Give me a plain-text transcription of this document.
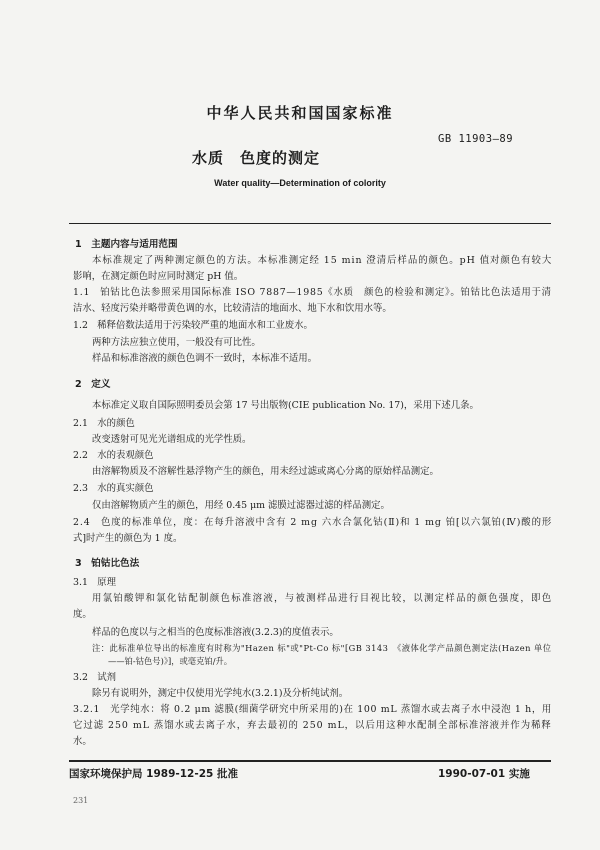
中华人民共和国国家标准
GB 11903—89
水质　色度的测定
Water quality—Determination of colority
1　主题内容与适用范围
本标准规定了两种测定颜色的方法。本标准测定经 15 min 澄清后样品的颜色。pH 值对颜色有较大
影响，在测定颜色时应同时测定 pH 值。
1.1　铂钴比色法参照采用国际标准 ISO 7887—1985《水质　颜色的检验和测定》。铂钴比色法适用于清
洁水、轻度污染并略带黄色调的水，比较清洁的地面水、地下水和饮用水等。
1.2　稀释倍数法适用于污染较严重的地面水和工业废水。
两种方法应独立使用，一般没有可比性。
样品和标准溶液的颜色色调不一致时，本标准不适用。
2　定义
本标准定义取自国际照明委员会第 17 号出版物(CIE publication No. 17)，采用下述几条。
2.1　水的颜色
改变透射可见光光谱组成的光学性质。
2.2　水的表观颜色
由溶解物质及不溶解性悬浮物产生的颜色，用未经过滤或离心分离的原始样品测定。
2.3　水的真实颜色
仅由溶解物质产生的颜色，用经 0.45 μm 滤膜过滤器过滤的样品测定。
2.4　色度的标准单位，度：在每升溶液中含有 2 mg 六水合氯化钴(Ⅱ)和 1 mg 铂[以六氯铂(Ⅳ)酸的形
式]时产生的颜色为 1 度。
3　铂钴比色法
3.1　原理
用氯铂酸钾和氯化钴配制颜色标准溶液，与被测样品进行目视比较，以测定样品的颜色强度，即色
度。
样品的色度以与之相当的色度标准溶液(3.2.3)的度值表示。
注：此标准单位导出的标准度有时称为"Hazen 标"或"Pt-Co 标"[GB 3143　《液体化学产品颜色测定法(Hazen 单位
——铂-钴色号)》]，或毫克铂/升。
3.2　试剂
除另有说明外，测定中仅使用光学纯水(3.2.1)及分析纯试剂。
3.2.1　光学纯水：将 0.2 μm 滤膜(细菌学研究中所采用的)在 100 mL 蒸馏水或去离子水中浸泡 1 h，用
它过滤 250 mL 蒸馏水或去离子水，弃去最初的 250 mL，以后用这种水配制全部标准溶液并作为稀释
水。
国家环境保护局 1989-12-25 批准	1990-07-01 实施
231
